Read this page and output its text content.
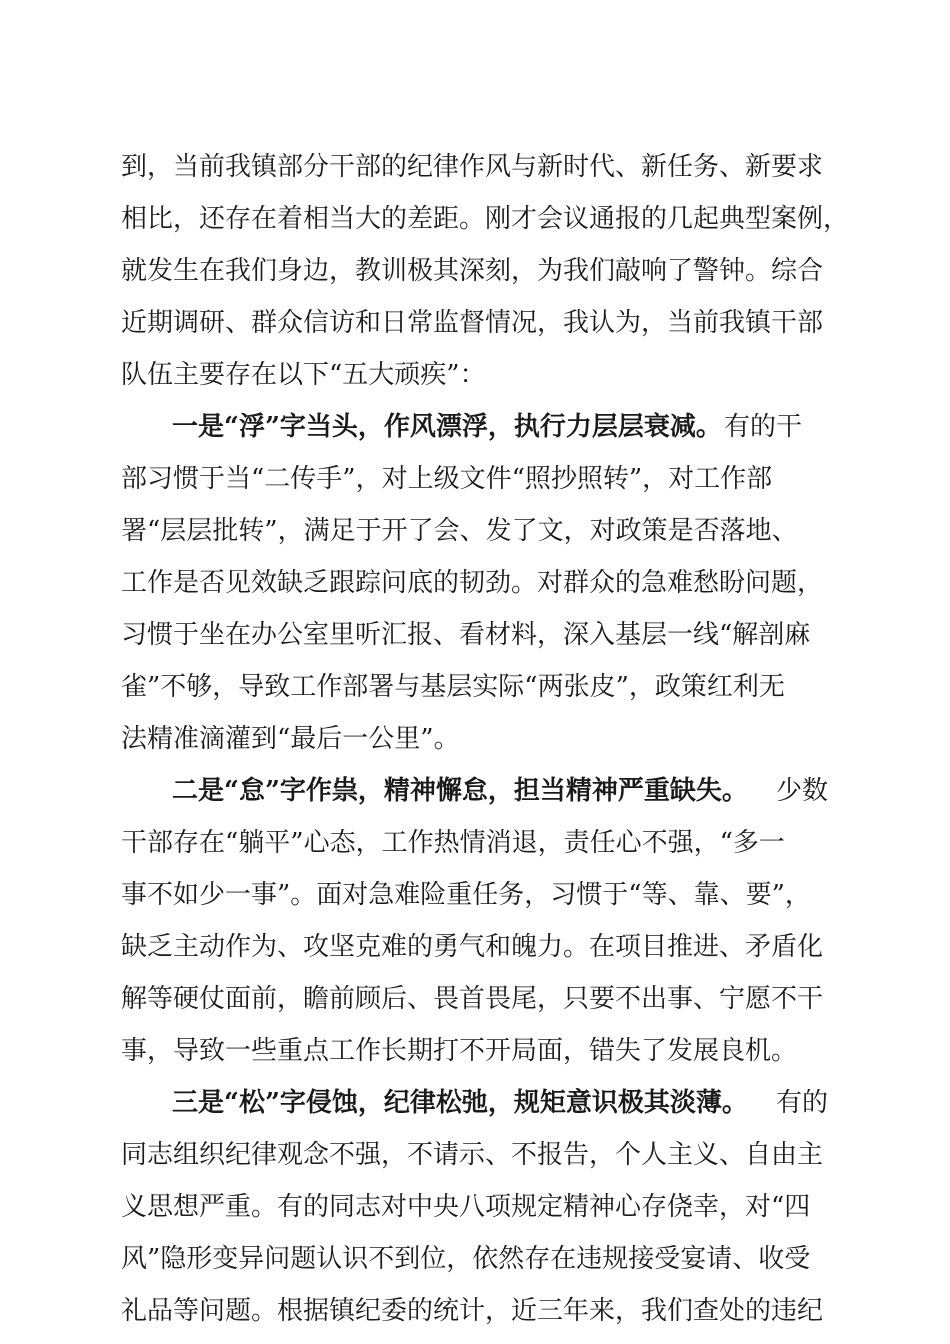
到，当前我镇部分干部的纪律作风与新时代、新任务、新要求
相比，还存在着相当大的差距。刚才会议通报的几起典型案例，
就发生在我们身边，教训极其深刻，为我们敲响了警钟。综合
近期调研、群众信访和日常监督情况，我认为，当前我镇干部
队伍主要存在以下“五大顽疾”：
一是“浮”字当头，作风漂浮，执行力层层衰减。 有的干
部习惯于当“二传手”，对上级文件“照抄照转”，对工作部
署“层层批转”，满足于开了会、发了文，对政策是否落地、
工作是否见效缺乏跟踪问底的韧劲。对群众的急难愁盼问题，
习惯于坐在办公室里听汇报、看材料，深入基层一线“解剖麻
雀”不够，导致工作部署与基层实际“两张皮”，政策红利无
法精准滴灌到“最后一公里”。
二是“怠”字作祟，精神懈怠，担当精神严重缺失。 少数
干部存在“躺平”心态，工作热情消退，责任心不强，“多一
事不如少一事”。面对急难险重任务，习惯于“等、靠、要”，
缺乏主动作为、攻坚克难的勇气和魄力。在项目推进、矛盾化
解等硬仗面前，瞻前顾后、畏首畏尾，只要不出事、宁愿不干
事，导致一些重点工作长期打不开局面，错失了发展良机。
三是“松”字侵蚀，纪律松弛，规矩意识极其淡薄。 有的
同志组织纪律观念不强，不请示、不报告，个人主义、自由主
义思想严重。有的同志对中央八项规定精神心存侥幸，对“四
风”隐形变异问题认识不到位，依然存在违规接受宴请、收受
礼品等问题。根据镇纪委的统计，近三年来，我们查处的违纪
